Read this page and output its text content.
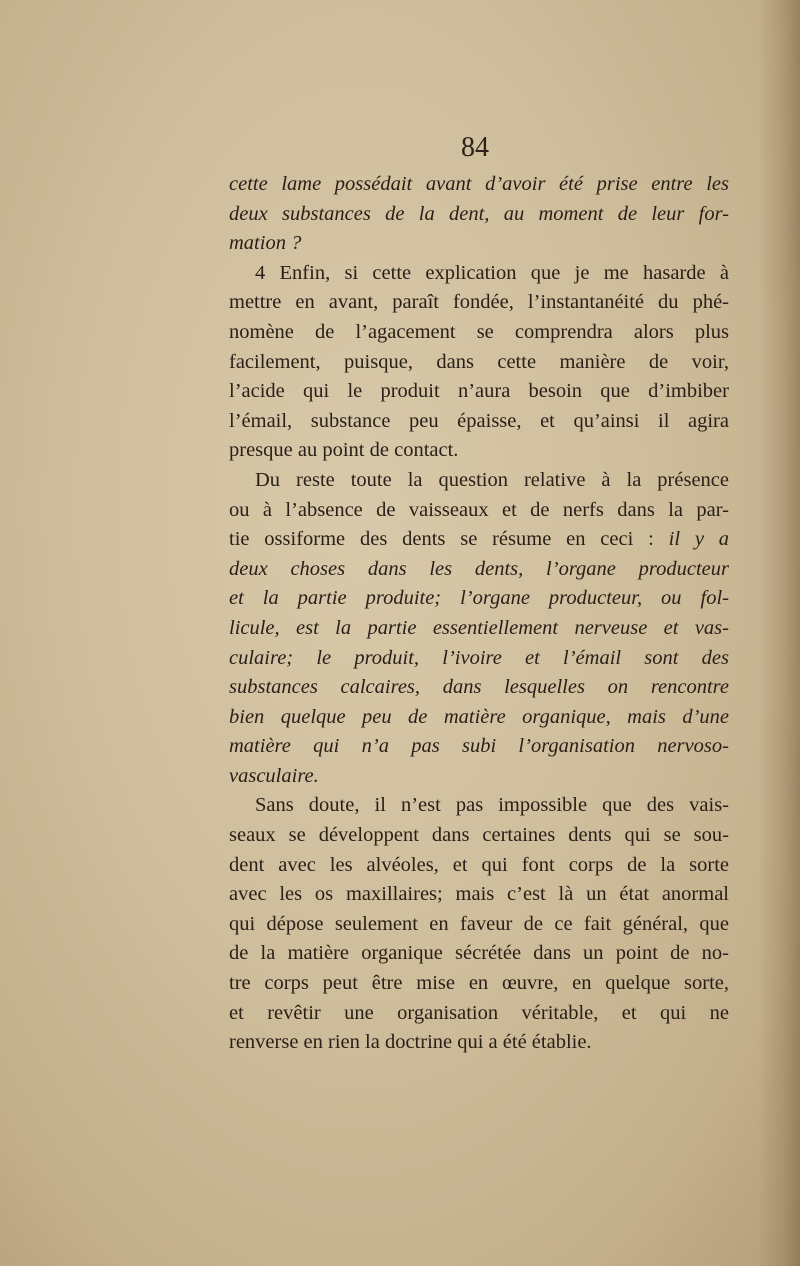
84
cette lame possédait avant d’avoir été prise entre les
deux substances de la dent, au moment de leur for-
mation ?
4 Enfin, si cette explication que je me hasarde à
mettre en avant, paraît fondée, l’instantanéité du phé-
nomène de l’agacement se comprendra alors plus
facilement, puisque, dans cette manière de voir,
l’acide qui le produit n’aura besoin que d’imbiber
l’émail, substance peu épaisse, et qu’ainsi il agira
presque au point de contact.
Du reste toute la question relative à la présence
ou à l’absence de vaisseaux et de nerfs dans la par-
tie ossiforme des dents se résume en ceci : il y a
deux choses dans les dents, l’organe producteur
et la partie produite; l’organe producteur, ou fol-
licule, est la partie essentiellement nerveuse et vas-
culaire; le produit, l’ivoire et l’émail sont des
substances calcaires, dans lesquelles on rencontre
bien quelque peu de matière organique, mais d’une
matière qui n’a pas subi l’organisation nervoso-
vasculaire.
Sans doute, il n’est pas impossible que des vais-
seaux se développent dans certaines dents qui se sou-
dent avec les alvéoles, et qui font corps de la sorte
avec les os maxillaires; mais c’est là un état anormal
qui dépose seulement en faveur de ce fait général, que
de la matière organique sécrétée dans un point de no-
tre corps peut être mise en œuvre, en quelque sorte,
et revêtir une organisation véritable, et qui ne
renverse en rien la doctrine qui a été établie.
